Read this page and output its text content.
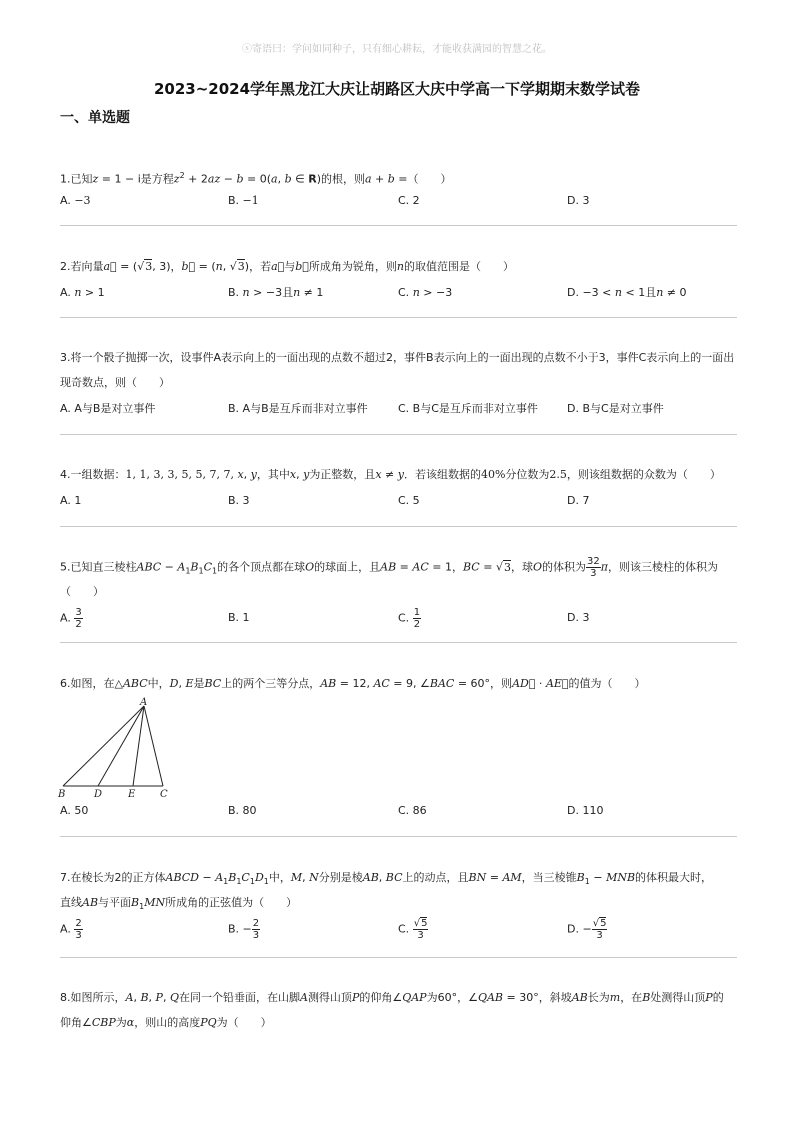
ⓢ寄语曰：学问如同种子，只有细心耕耘，才能收获满园的智慧之花。
2023~2024学年黑龙江大庆让胡路区大庆中学高一下学期期末数学试卷
一、单选题
1.已知z = 1 − i是方程$z^2 + 2az - b = 0(a$, b ∈ R)的根，则a + b =（　　）
A. −3	B. −1	C. 2	D. 3
2.若向量a⃗ = (√3, 3)，b⃗ = (n, √3)，若a⃗与b⃗所成角为锐角，则n的取值范围是（　　）
A. n > 1	B. n > −3且n ≠ 1	C. n > −3	D. −3 < n < 1且n ≠ 0
3.将一个骰子抛掷一次，设事件A表示向上的一面出现的点数不超过2，事件B表示向上的一面出现的点数不小于3，事件C表示向上的一面出
现奇数点，则（　　）
A. A与B是对立事件	B. A与B是互斥而非对立事件	C. B与C是互斥而非对立事件	D. B与C是对立事件
4.一组数据：1, 1, 3, 3, 5, 5, 7, 7, x, y，其中x, y为正整数，且x ≠ y．若该组数据的40%分位数为2.5，则该组数据的众数为（　　）
A. 1	B. 3	C. 5	D. 7
5.已知直三棱柱ABC − $A_1B_1C_1$的各个顶点都在球O的球面上，且AB = AC = 1，BC = √3，球O的体积为 $\frac{32}{3}$ π，则该三棱柱的体积为
（　　）
A. $\frac{3}{2}$	B. 1	C. $\frac{1}{2}$	D. 3
6.如图，在△ABC中，D, E是BC上的两个三等分点，AB = 12, AC = 9, ∠BAC = 60°，则AD⃗ · AE⃗的值为（　　）
A
B	D	E C
A. 50	B. 80	C. 86	D. 110
7.在棱长为2的正方体ABCD − $A_1B_1C_1D_1$中，M, N分别是棱AB, BC上的动点，且BN = AM，当三棱锥$B_1$ − MNB的体积最大时，
直线AB与平面$B_1MN$所成角的正弦值为（　　）
A. $\frac{2}{3}$	B. − $\frac{2}{3}$	C. $\frac{√5}{3}$	D. − $\frac{√5}{3}$
8.如图所示，A, B, P, Q在同一个铅垂面，在山脚A测得山顶P的仰角∠QAP为60°，∠QAB = 30°，斜坡AB长为m，在B处测得山顶P的
仰角∠CBP为α，则山的高度PQ为（　　）
